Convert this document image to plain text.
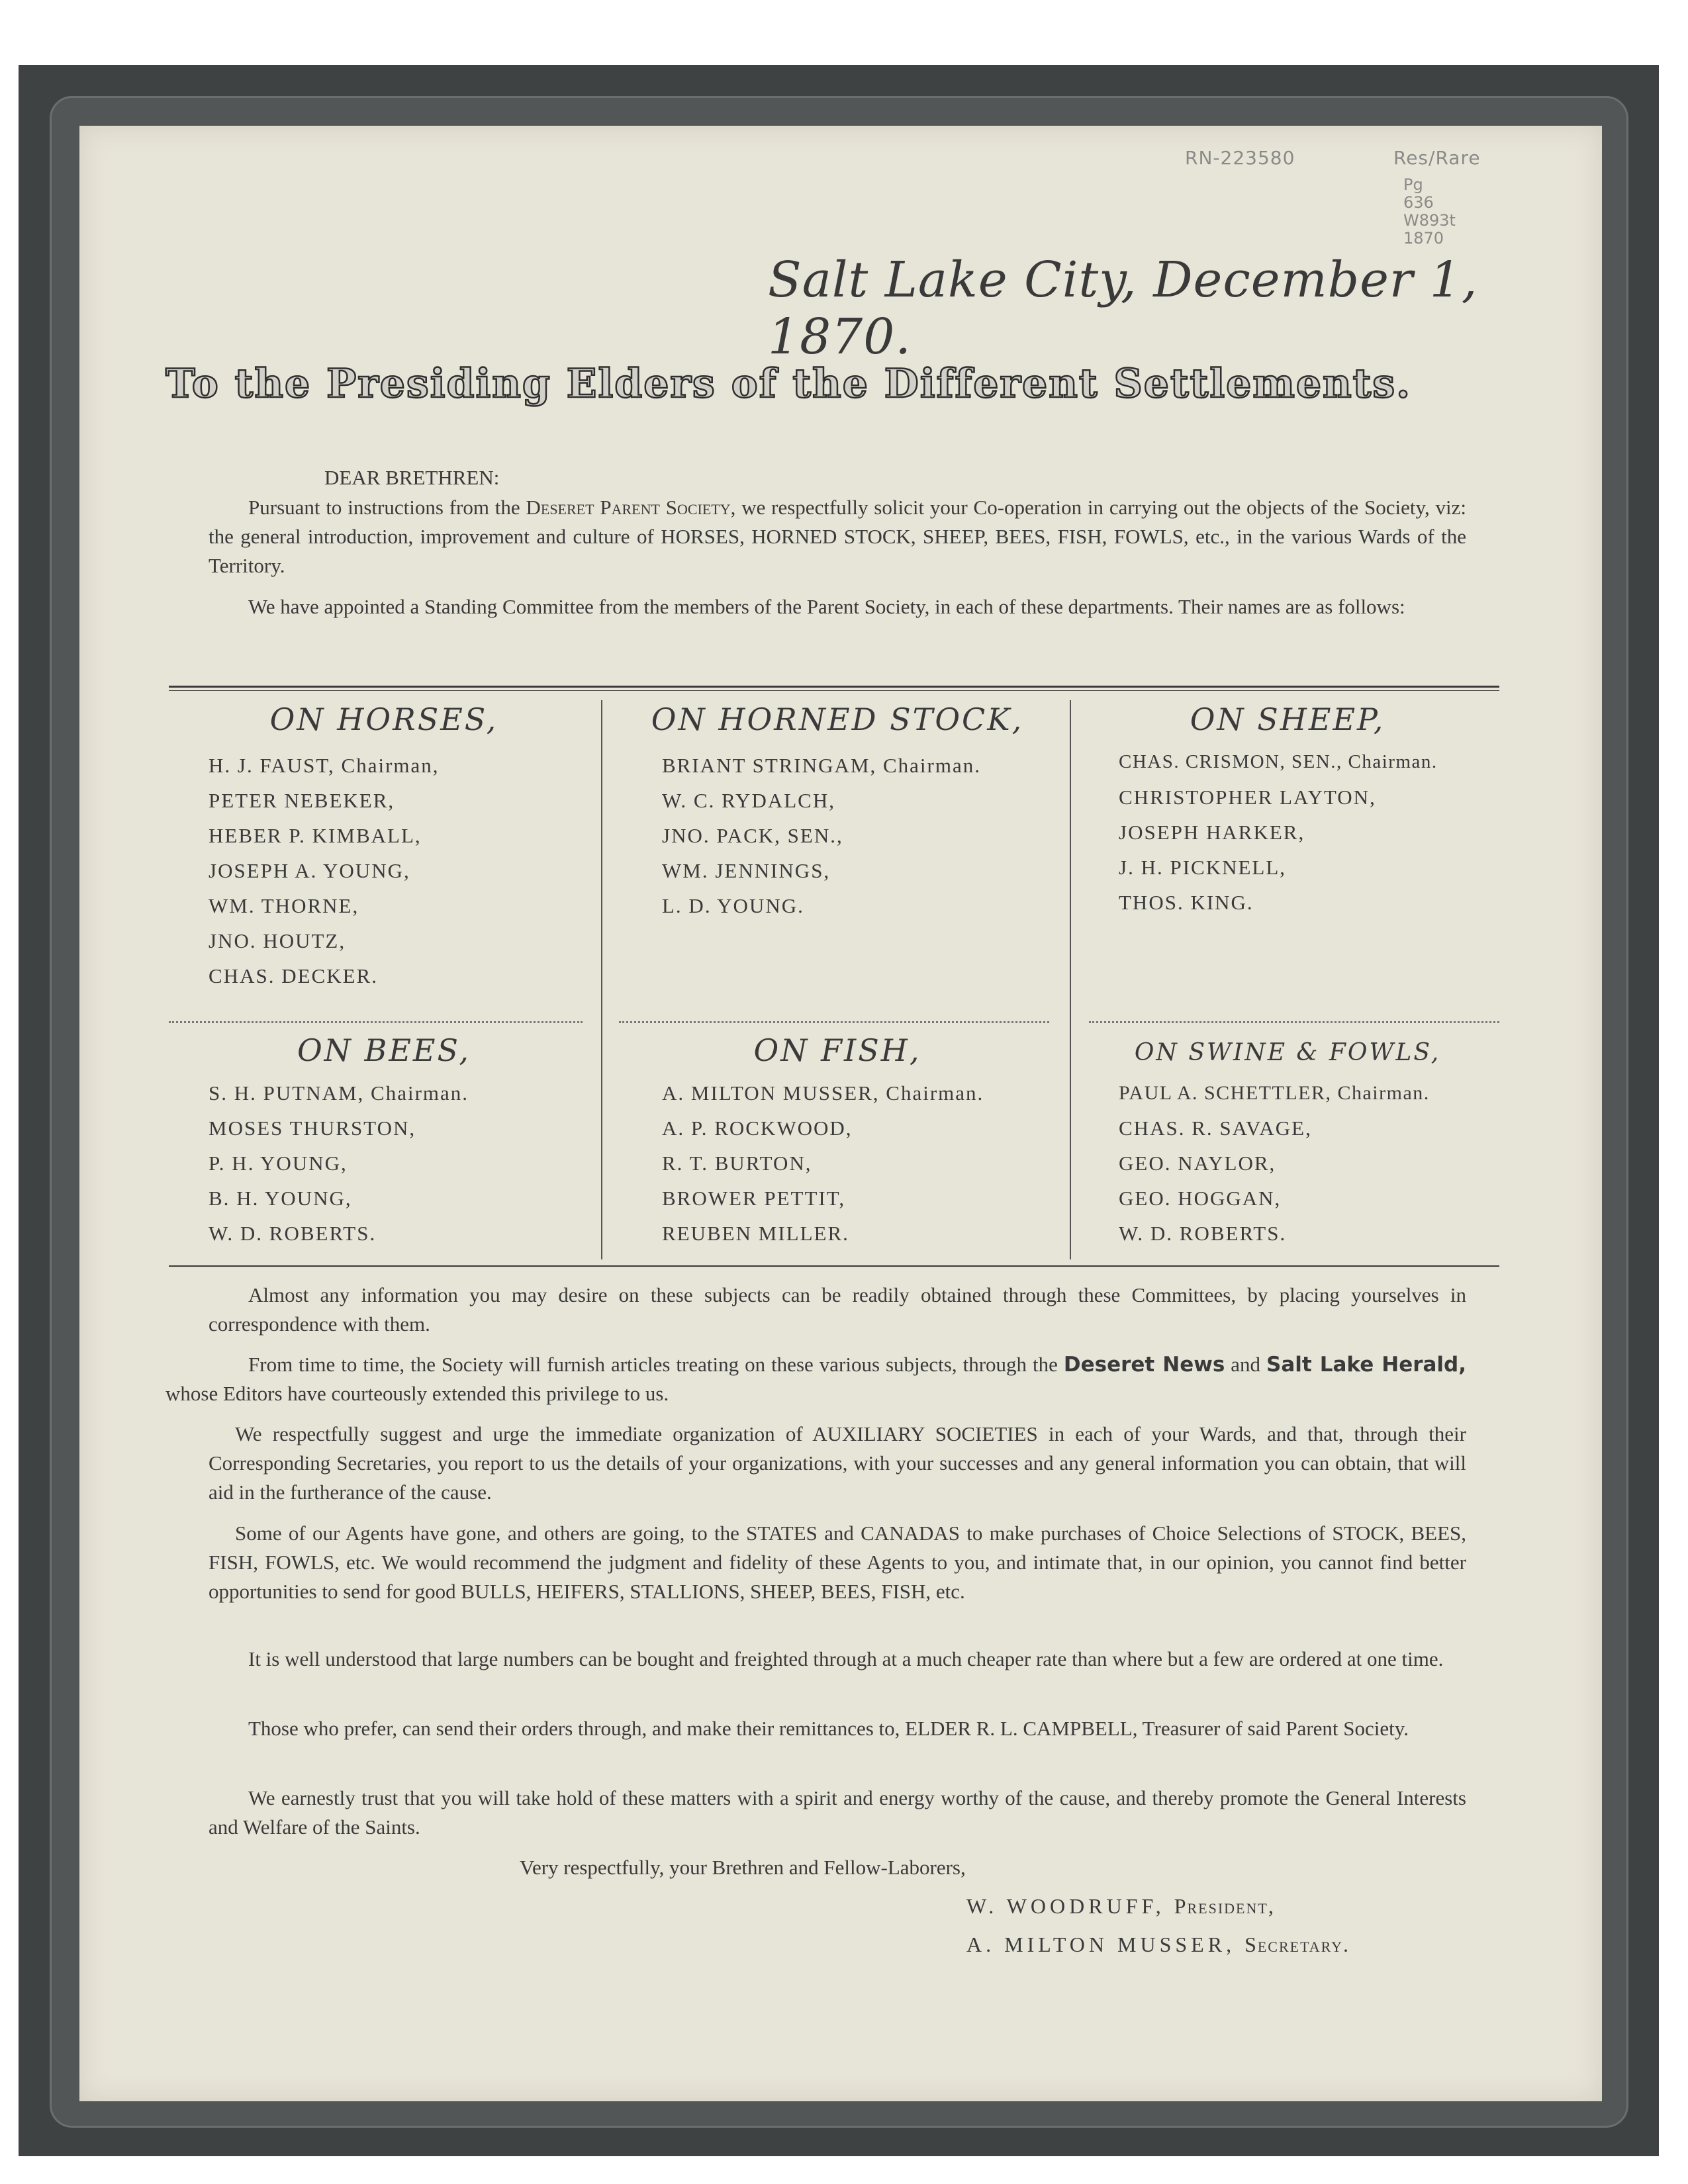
RN-223580	Res/Rare
Pg
636
W893t
1870
Salt Lake City, December 1, 1870.
To the Presiding Elders of the Different Settlements.
DEAR BRETHREN:
Pursuant to instructions from the Deseret Parent Society, we respectfully solicit your Co-operation in carrying out the objects of the Society, viz: the general introduction, improvement and culture of HORSES, HORNED STOCK, SHEEP, BEES, FISH, FOWLS, etc., in the various Wards of the Territory.
We have appointed a Standing Committee from the members of the Parent Society, in each of these departments. Their names are as follows:
ON HORSES,
H. J. FAUST, Chairman,
PETER NEBEKER,
HEBER P. KIMBALL,
JOSEPH A. YOUNG,
WM. THORNE,
JNO. HOUTZ,
CHAS. DECKER.
ON HORNED STOCK,
BRIANT STRINGAM, Chairman.
W. C. RYDALCH,
JNO. PACK, SEN.,
WM. JENNINGS,
L. D. YOUNG.
ON SHEEP,
CHAS. CRISMON, SEN., Chairman.
CHRISTOPHER LAYTON,
JOSEPH HARKER,
J. H. PICKNELL,
THOS. KING.
ON BEES,
S. H. PUTNAM, Chairman.
MOSES THURSTON,
P. H. YOUNG,
B. H. YOUNG,
W. D. ROBERTS.
ON FISH,
A. MILTON MUSSER, Chairman.
A. P. ROCKWOOD,
R. T. BURTON,
BROWER PETTIT,
REUBEN MILLER.
ON SWINE & FOWLS,
PAUL A. SCHETTLER, Chairman.
CHAS. R. SAVAGE,
GEO. NAYLOR,
GEO. HOGGAN,
W. D. ROBERTS.
Almost any information you may desire on these subjects can be readily obtained through these Committees, by placing yourselves in correspondence with them.
From time to time, the Society will furnish articles treating on these various subjects, through the Deseret News and Salt Lake Herald, whose Editors have courteously extended this privilege to us.
We respectfully suggest and urge the immediate organization of AUXILIARY SOCIETIES in each of your Wards, and that, through their Corresponding Secretaries, you report to us the details of your organizations, with your successes and any general information you can obtain, that will aid in the furtherance of the cause.
Some of our Agents have gone, and others are going, to the STATES and CANADAS to make purchases of Choice Selections of STOCK, BEES, FISH, FOWLS, etc. We would recommend the judgment and fidelity of these Agents to you, and intimate that, in our opinion, you cannot find better opportunities to send for good BULLS, HEIFERS, STALLIONS, SHEEP, BEES, FISH, etc.
It is well understood that large numbers can be bought and freighted through at a much cheaper rate than where but a few are ordered at one time.
Those who prefer, can send their orders through, and make their remittances to, ELDER R. L. CAMPBELL, Treasurer of said Parent Society.
We earnestly trust that you will take hold of these matters with a spirit and energy worthy of the cause, and thereby promote the General Interests and Welfare of the Saints.
Very respectfully, your Brethren and Fellow-Laborers,
W. WOODRUFF, President,
A. MILTON MUSSER, Secretary.
